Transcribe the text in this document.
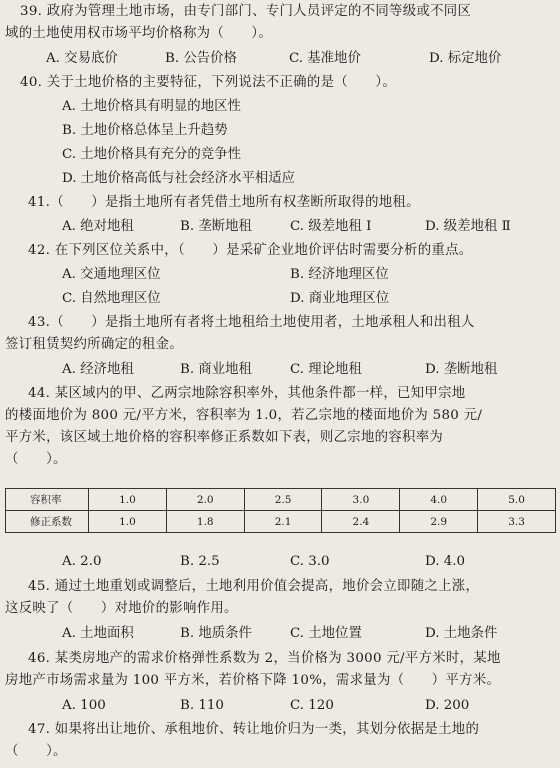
39. 政府为管理土地市场，由专门部门、专门人员评定的不同等级或不同区
域的土地使用权市场平均价格称为（　　）。
A. 交易底价	B. 公告价格	C. 基准地价	D. 标定地价
40. 关于土地价格的主要特征，下列说法不正确的是（　　）。
A. 土地价格具有明显的地区性
B. 土地价格总体呈上升趋势
C. 土地价格具有充分的竞争性
D. 土地价格高低与社会经济水平相适应
41.（　　）是指土地所有者凭借土地所有权垄断所取得的地租。
A. 绝对地租	B. 垄断地租	C. 级差地租 Ⅰ	D. 级差地租 Ⅱ
42. 在下列区位关系中，（　　）是采矿企业地价评估时需要分析的重点。
A. 交通地理区位	B. 经济地理区位
C. 自然地理区位	D. 商业地理区位
43.（　　）是指土地所有者将土地租给土地使用者，土地承租人和出租人
签订租赁契约所确定的租金。
A. 经济地租	B. 商业地租	C. 理论地租	D. 垄断地租
44. 某区域内的甲、乙两宗地除容积率外，其他条件都一样，已知甲宗地
的楼面地价为 800 元/平方米，容积率为 1.0，若乙宗地的楼面地价为 580 元/
平方米，该区域土地价格的容积率修正系数如下表，则乙宗地的容积率为
（　　）。
容积率	1.0	2.0	2.5	3.0	4.0	5.0
修正系数	1.0	1.8	2.1	2.4	2.9	3.3
A. 2.0	B. 2.5	C. 3.0	D. 4.0
45. 通过土地重划或调整后，土地利用价值会提高，地价会立即随之上涨，
这反映了（　　）对地价的影响作用。
A. 土地面积	B. 地质条件	C. 土地位置	D. 土地条件
46. 某类房地产的需求价格弹性系数为 2，当价格为 3000 元/平方米时，某地
房地产市场需求量为 100 平方米，若价格下降 10%，需求量为（　　）平方米。
A. 100	B. 110	C. 120	D. 200
47. 如果将出让地价、承租地价、转让地价归为一类，其划分依据是土地的
（　　）。
